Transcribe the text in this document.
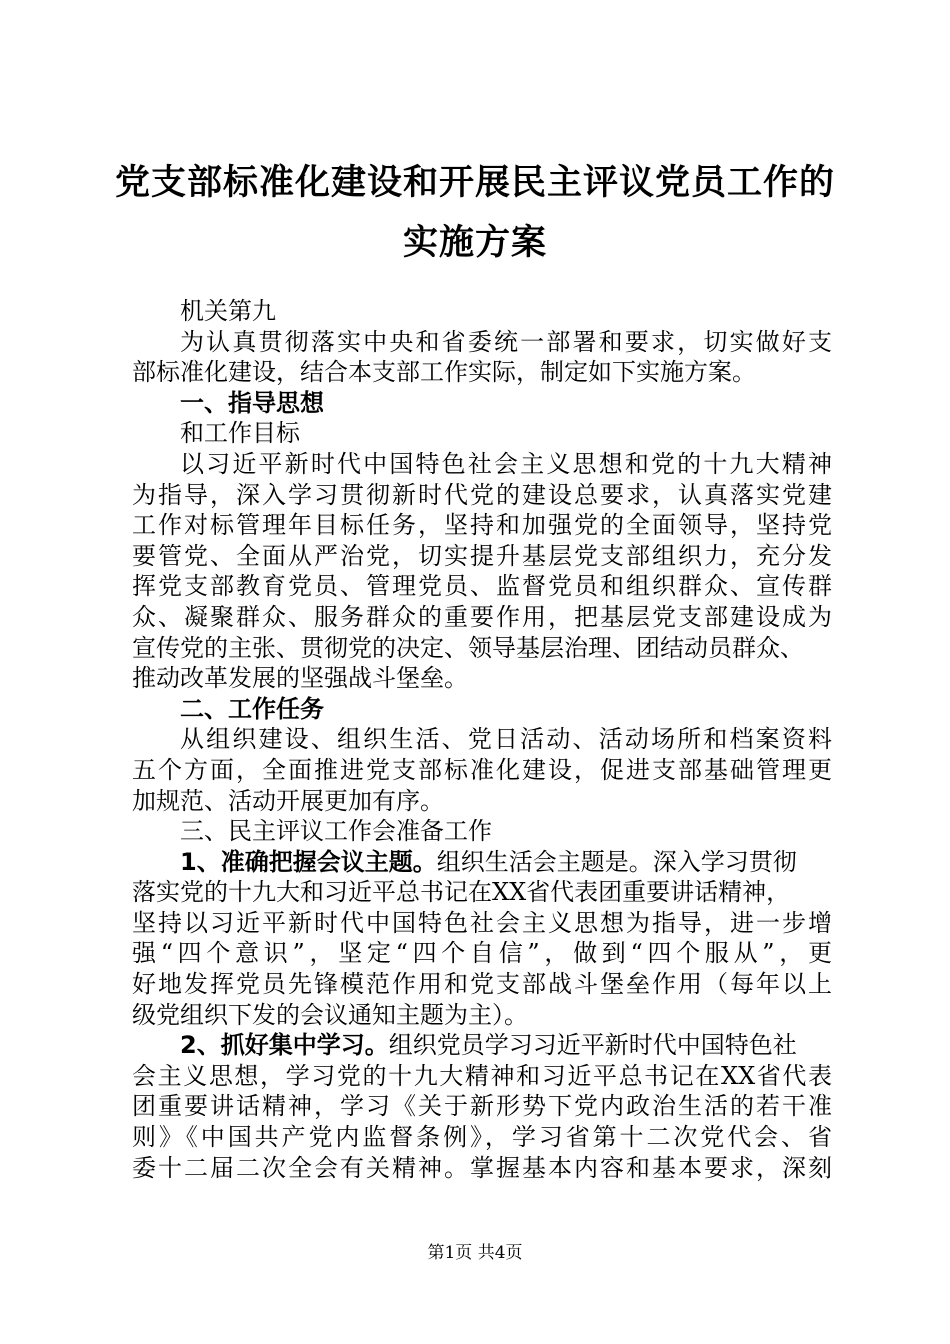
党支部标准化建设和开展民主评议党员工作的
实施方案
机关第九
为认真贯彻落实中央和省委统一部署和要求，切实做好支
部标准化建设，结合本支部工作实际，制定如下实施方案。
一、指导思想
和工作目标
以习近平新时代中国特色社会主义思想和党的十九大精神
为指导，深入学习贯彻新时代党的建设总要求，认真落实党建
工作对标管理年目标任务，坚持和加强党的全面领导，坚持党
要管党、全面从严治党，切实提升基层党支部组织力，充分发
挥党支部教育党员、管理党员、监督党员和组织群众、宣传群
众、凝聚群众、服务群众的重要作用，把基层党支部建设成为
宣传党的主张、贯彻党的决定、领导基层治理、团结动员群众、
推动改革发展的坚强战斗堡垒。
二、工作任务
从组织建设、组织生活、党日活动、活动场所和档案资料
五个方面，全面推进党支部标准化建设，促进支部基础管理更
加规范、活动开展更加有序。
三、民主评议工作会准备工作
1、准确把握会议主题。组织生活会主题是。深入学习贯彻
落实党的十九大和习近平总书记在XX省代表团重要讲话精神，
坚持以习近平新时代中国特色社会主义思想为指导，进一步增
强“四个意识”，坚定“四个自信”，做到“四个服从”，更
好地发挥党员先锋模范作用和党支部战斗堡垒作用（每年以上
级党组织下发的会议通知主题为主）。
2、抓好集中学习。组织党员学习习近平新时代中国特色社
会主义思想，学习党的十九大精神和习近平总书记在XX省代表
团重要讲话精神，学习《关于新形势下党内政治生活的若干准
则》《中国共产党内监督条例》，学习省第十二次党代会、省
委十二届二次全会有关精神。掌握基本内容和基本要求，深刻
第1页 共4页
